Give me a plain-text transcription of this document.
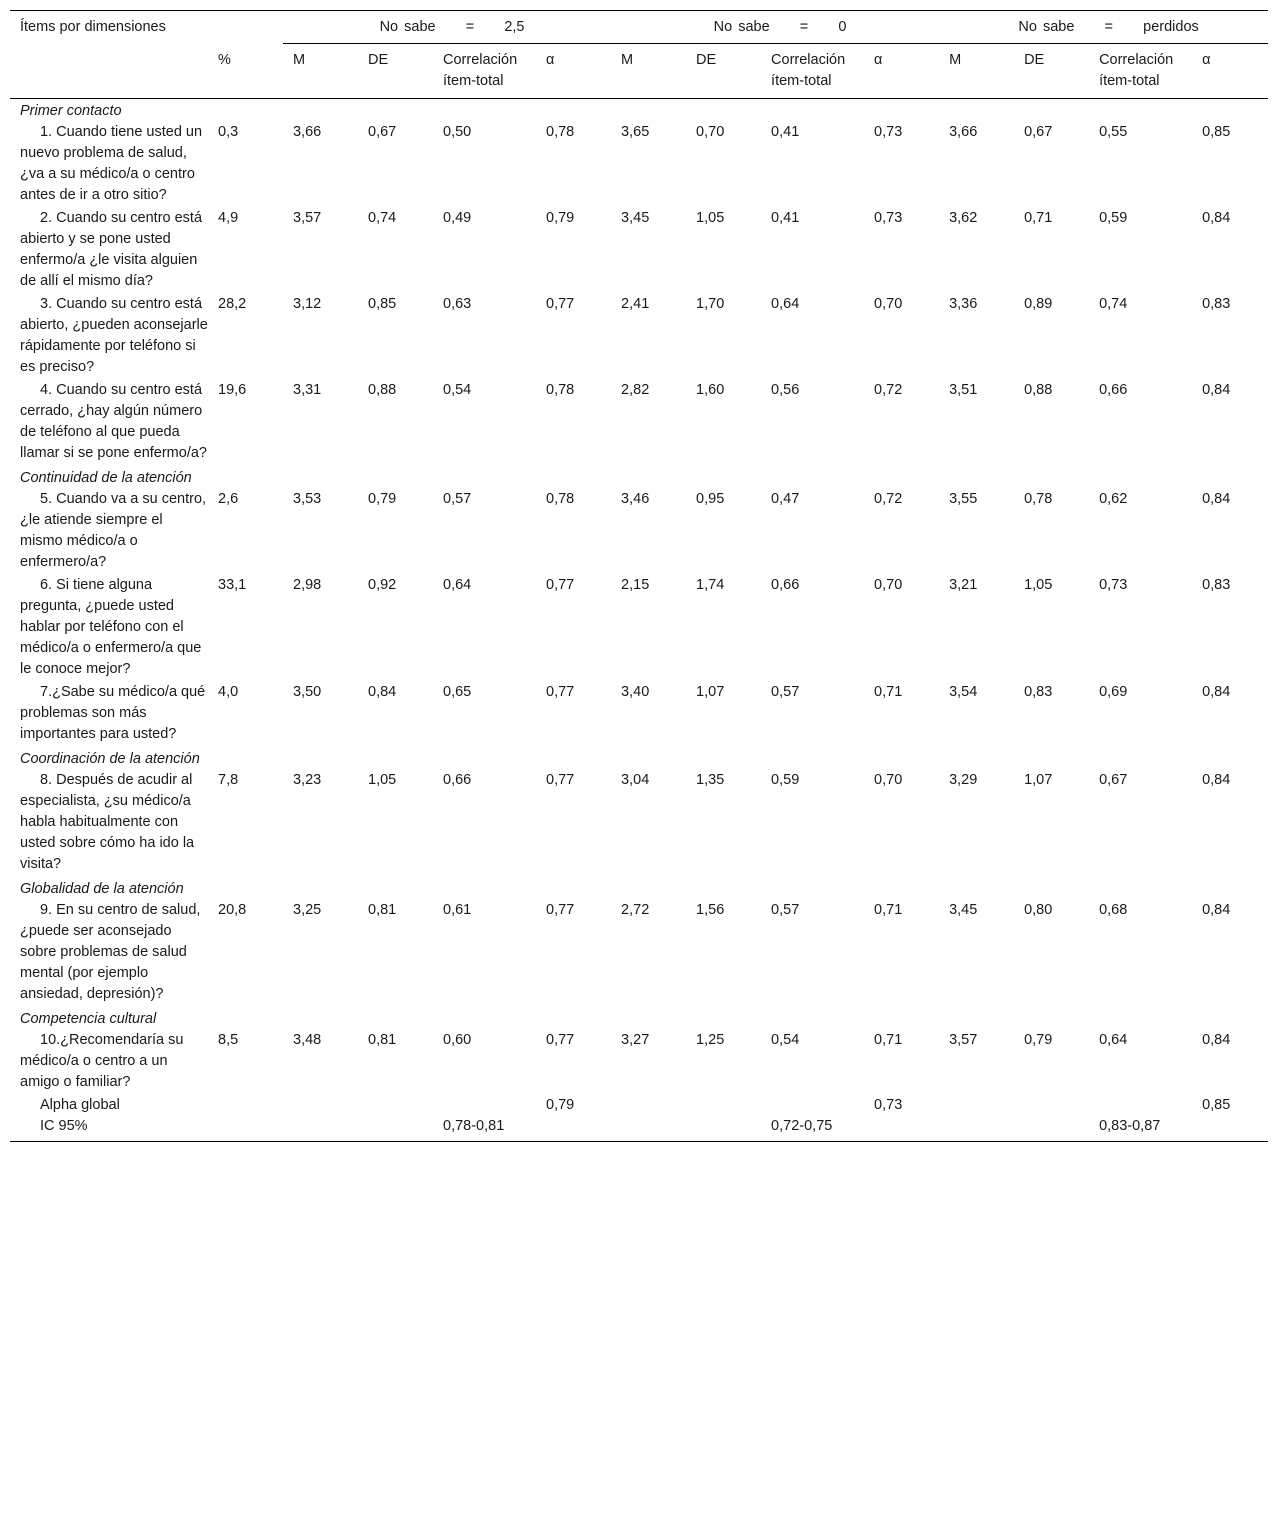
Ítems por dimensiones		No sabe     =     2,5				No sabe     =     0				No sabe     =     perdidos			
	%	M	DE	Correlación ítem-total	α	M	DE	Correlación ítem-total	α	M	DE	Correlación ítem-total	α
Primer contacto													

1. Cuando tiene usted un nuevo problema de salud, ¿va a su médico/a o centro antes de ir a otro sitio?	0,3	3,66	0,67	0,50	0,78	3,65	0,70	0,41	0,73	3,66	0,67	0,55	0,85

2. Cuando su centro está abierto y se pone usted enfermo/a ¿le visita alguien de allí el mismo día?	4,9	3,57	0,74	0,49	0,79	3,45	1,05	0,41	0,73	3,62	0,71	0,59	0,84

3. Cuando su centro está abierto, ¿pueden aconsejarle rápidamente por teléfono si es preciso?	28,2	3,12	0,85	0,63	0,77	2,41	1,70	0,64	0,70	3,36	0,89	0,74	0,83

4. Cuando su centro está cerrado, ¿hay algún número de teléfono al que pueda llamar si se pone enfermo/a?	19,6	3,31	0,88	0,54	0,78	2,82	1,60	0,56	0,72	3,51	0,88	0,66	0,84
Continuidad de la atención													

5. Cuando va a su centro, ¿le atiende siempre el mismo médico/a o enfermero/a?	2,6	3,53	0,79	0,57	0,78	3,46	0,95	0,47	0,72	3,55	0,78	0,62	0,84

6. Si tiene alguna pregunta, ¿puede usted hablar por teléfono con el médico/a o enfermero/a que le conoce mejor?	33,1	2,98	0,92	0,64	0,77	2,15	1,74	0,66	0,70	3,21	1,05	0,73	0,83

7.¿Sabe su médico/a qué problemas son más importantes para usted?	4,0	3,50	0,84	0,65	0,77	3,40	1,07	0,57	0,71	3,54	0,83	0,69	0,84
Coordinación de la atención													

8. Después de acudir al especialista, ¿su médico/a habla habitualmente con usted sobre cómo ha ido la visita?	7,8	3,23	1,05	0,66	0,77	3,04	1,35	0,59	0,70	3,29	1,07	0,67	0,84
Globalidad de la atención													

9. En su centro de salud, ¿puede ser aconsejado sobre problemas de salud mental (por ejemplo ansiedad, depresión)?	20,8	3,25	0,81	0,61	0,77	2,72	1,56	0,57	0,71	3,45	0,80	0,68	0,84
Competencia cultural													

10.¿Recomendaría su médico/a o centro a un amigo o familiar?	8,5	3,48	0,81	0,60	0,77	3,27	1,25	0,54	0,71	3,57	0,79	0,64	0,84
Alpha global					0,79				0,73				0,85
IC 95%				0,78-0,81				0,72-0,75				0,83-0,87	
